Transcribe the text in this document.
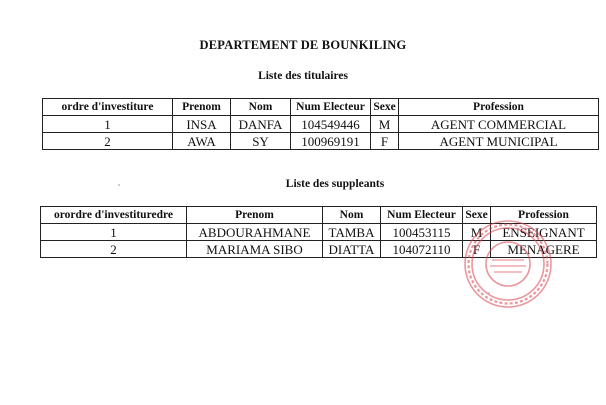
DEPARTEMENT DE BOUNKILING
Liste des titulaires
ordre d'investiture	Prenom	Nom	Num Electeur	Sexe	Profession
1	INSA	DANFA	104549446	M	AGENT COMMERCIAL
2	AWA	SY	100969191	F	AGENT MUNICIPAL
Liste des suppleants
orordre d'investituredre	Prenom	Nom	Num Electeur	Sexe	Profession
1	ABDOURAHMANE	TAMBA	100453115	M	ENSEIGNANT
2	MARIAMA SIBO	DIATTA	104072110	F	MENAGERE
